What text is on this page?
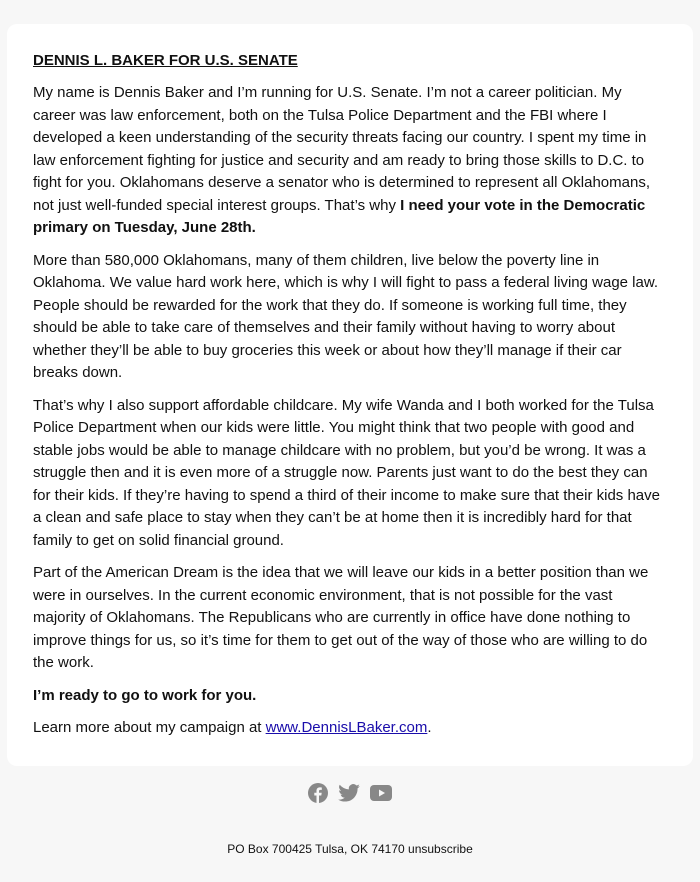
DENNIS L. BAKER FOR U.S. SENATE

My name is Dennis Baker and I’m running for U.S. Senate. I’m not a career politician. My career was law enforcement, both on the Tulsa Police Department and the FBI where I developed a keen understanding of the security threats facing our country. I spent my time in law enforcement fighting for justice and security and am ready to bring those skills to D.C. to fight for you. Oklahomans deserve a senator who is determined to represent all Oklahomans, not just well-funded special interest groups. That’s why I need your vote in the Democratic primary on Tuesday, June 28th.

More than 580,000 Oklahomans, many of them children, live below the poverty line in Oklahoma. We value hard work here, which is why I will fight to pass a federal living wage law. People should be rewarded for the work that they do. If someone is working full time, they should be able to take care of themselves and their family without having to worry about whether they’ll be able to buy groceries this week or about how they’ll manage if their car breaks down.

That’s why I also support affordable childcare. My wife Wanda and I both worked for the Tulsa Police Department when our kids were little. You might think that two people with good and stable jobs would be able to manage childcare with no problem, but you’d be wrong. It was a struggle then and it is even more of a struggle now. Parents just want to do the best they can for their kids. If they’re having to spend a third of their income to make sure that their kids have a clean and safe place to stay when they can’t be at home then it is incredibly hard for that family to get on solid financial ground.

Part of the American Dream is the idea that we will leave our kids in a better position than we were in ourselves. In the current economic environment, that is not possible for the vast majority of Oklahomans. The Republicans who are currently in office have done nothing to improve things for us, so it’s time for them to get out of the way of those who are willing to do the work.

I’m ready to go to work for you.

Learn more about my campaign at www.DennisLBaker.com.

PO Box 700425 Tulsa, OK 74170 unsubscribe
